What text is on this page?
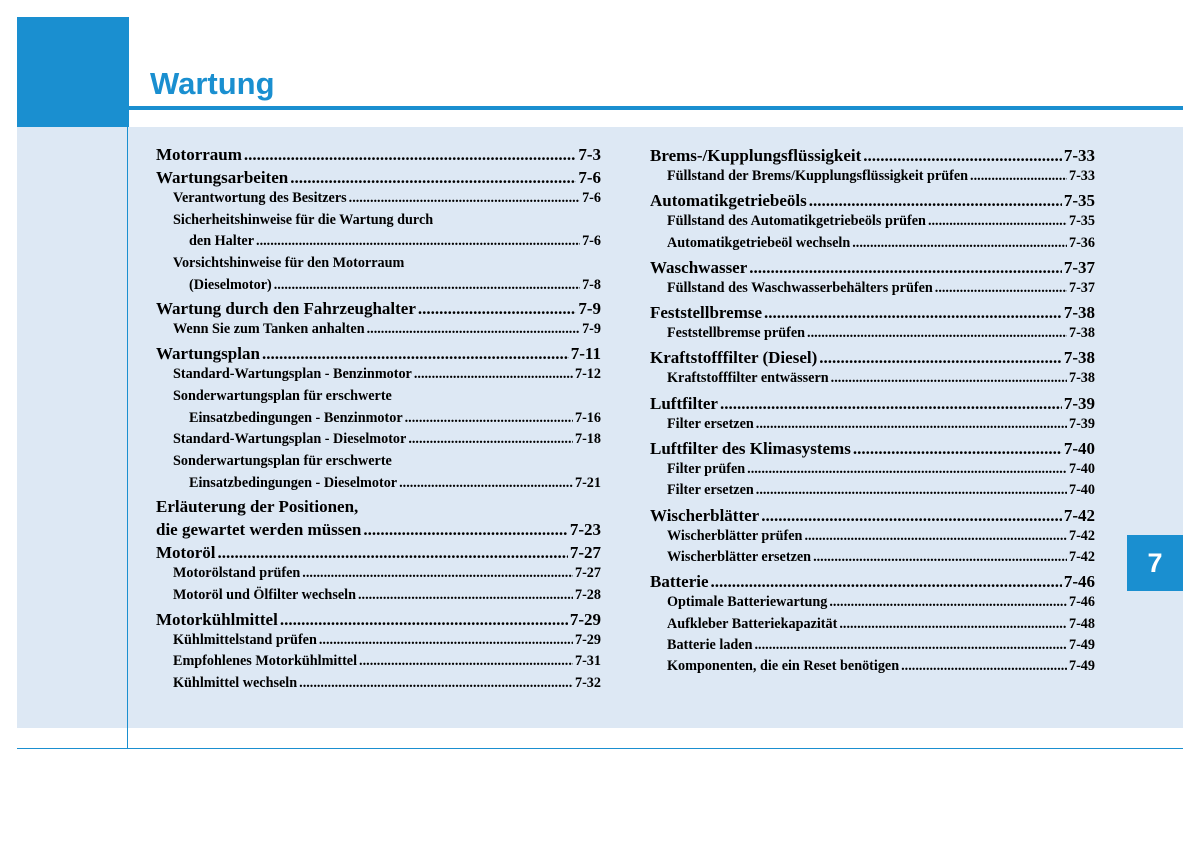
Wartung
7
Motorraum .....	7-3
Wartungsarbeiten .....	7-6
Verantwortung des Besitzers .....	7-6
Sicherheitshinweise für die Wartung durch
den Halter .....	7-6
Vorsichtshinweise für den Motorraum
(Dieselmotor) .....	7-8
Wartung durch den Fahrzeughalter .....	7-9
Wenn Sie zum Tanken anhalten .....	7-9
Wartungsplan .....	7-11
Standard-Wartungsplan - Benzinmotor .....	7-12
Sonderwartungsplan für erschwerte
Einsatzbedingungen - Benzinmotor .....	7-16
Standard-Wartungsplan - Dieselmotor .....	7-18
Sonderwartungsplan für erschwerte
Einsatzbedingungen - Dieselmotor .....	7-21
Erläuterung der Positionen,
die gewartet werden müssen .....	7-23
Motoröl .....	7-27
Motorölstand prüfen .....	7-27
Motoröl und Ölfilter wechseln .....	7-28
Motorkühlmittel .....	7-29
Kühlmittelstand prüfen .....	7-29
Empfohlenes Motorkühlmittel .....	7-31
Kühlmittel wechseln .....	7-32
Brems-/Kupplungsflüssigkeit .....	7-33
Füllstand der Brems/Kupplungsflüssigkeit prüfen .....	7-33
Automatikgetriebeöls .....	7-35
Füllstand des Automatikgetriebeöls prüfen .....	7-35
Automatikgetriebeöl wechseln .....	7-36
Waschwasser .....	7-37
Füllstand des Waschwasserbehälters prüfen .....	7-37
Feststellbremse .....	7-38
Feststellbremse prüfen .....	7-38
Kraftstofffilter (Diesel) .....	7-38
Kraftstofffilter entwässern .....	7-38
Luftfilter .....	7-39
Filter ersetzen .....	7-39
Luftfilter des Klimasystems .....	7-40
Filter prüfen .....	7-40
Filter ersetzen .....	7-40
Wischerblätter .....	7-42
Wischerblätter prüfen .....	7-42
Wischerblätter ersetzen .....	7-42
Batterie .....	7-46
Optimale Batteriewartung .....	7-46
Aufkleber Batteriekapazität .....	7-48
Batterie laden .....	7-49
Komponenten, die ein Reset benötigen .....	7-49
